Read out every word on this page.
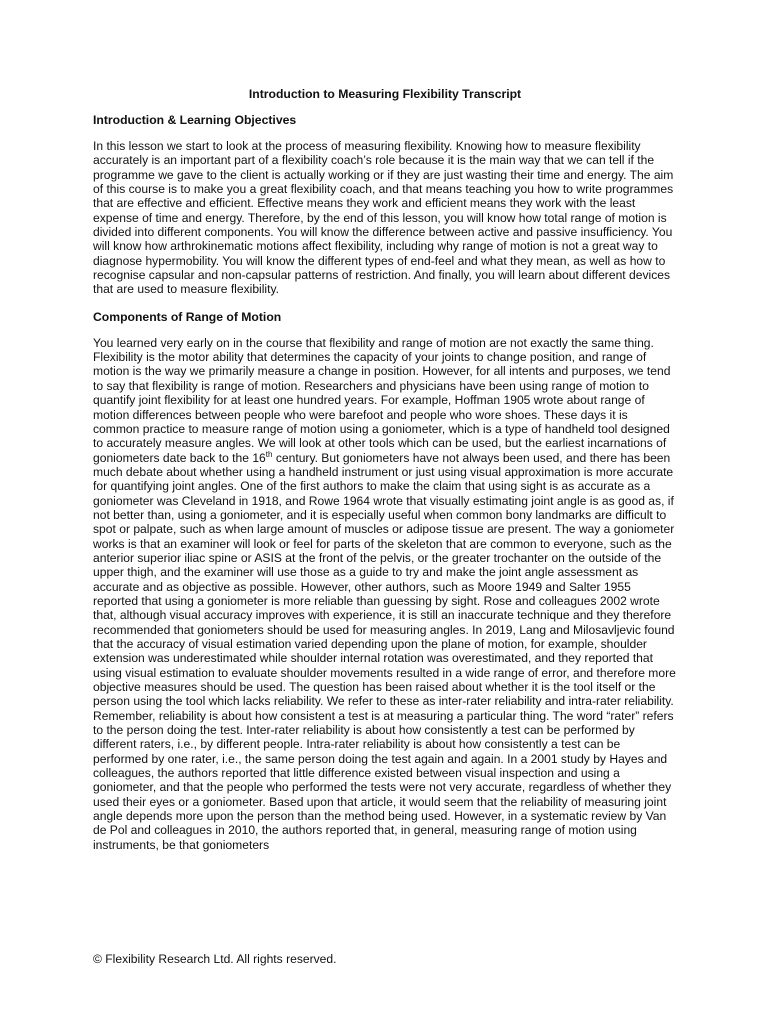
Introduction to Measuring Flexibility Transcript
Introduction & Learning Objectives

In this lesson we start to look at the process of measuring flexibility. Knowing how to measure flexibility accurately is an important part of a flexibility coach’s role because it is the main way that we can tell if the programme we gave to the client is actually working or if they are just wasting their time and energy. The aim of this course is to make you a great flexibility coach, and that means teaching you how to write programmes that are effective and efficient. Effective means they work and efficient means they work with the least expense of time and energy. Therefore, by the end of this lesson, you will know how total range of motion is divided into different components. You will know the difference between active and passive insufficiency. You will know how arthrokinematic motions affect flexibility, including why range of motion is not a great way to diagnose hypermobility. You will know the different types of end-feel and what they mean, as well as how to recognise capsular and non-capsular patterns of restriction. And finally, you will learn about different devices that are used to measure flexibility.

Components of Range of Motion

You learned very early on in the course that flexibility and range of motion are not exactly the same thing. Flexibility is the motor ability that determines the capacity of your joints to change position, and range of motion is the way we primarily measure a change in position. However, for all intents and purposes, we tend to say that flexibility is range of motion. Researchers and physicians have been using range of motion to quantify joint flexibility for at least one hundred years. For example, Hoffman 1905 wrote about range of motion differences between people who were barefoot and people who wore shoes. These days it is common practice to measure range of motion using a goniometer, which is a type of handheld tool designed to accurately measure angles. We will look at other tools which can be used, but the earliest incarnations of goniometers date back to the 16th century. But goniometers have not always been used, and there has been much debate about whether using a handheld instrument or just using visual approximation is more accurate for quantifying joint angles. One of the first authors to make the claim that using sight is as accurate as a goniometer was Cleveland in 1918, and Rowe 1964 wrote that visually estimating joint angle is as good as, if not better than, using a goniometer, and it is especially useful when common bony landmarks are difficult to spot or palpate, such as when large amount of muscles or adipose tissue are present. The way a goniometer works is that an examiner will look or feel for parts of the skeleton that are common to everyone, such as the anterior superior iliac spine or ASIS at the front of the pelvis, or the greater trochanter on the outside of the upper thigh, and the examiner will use those as a guide to try and make the joint angle assessment as accurate and as objective as possible. However, other authors, such as Moore 1949 and Salter 1955 reported that using a goniometer is more reliable than guessing by sight. Rose and colleagues 2002 wrote that, although visual accuracy improves with experience, it is still an inaccurate technique and they therefore recommended that goniometers should be used for measuring angles. In 2019, Lang and Milosavljevic found that the accuracy of visual estimation varied depending upon the plane of motion, for example, shoulder extension was underestimated while shoulder internal rotation was overestimated, and they reported that using visual estimation to evaluate shoulder movements resulted in a wide range of error, and therefore more objective measures should be used. The question has been raised about whether it is the tool itself or the person using the tool which lacks reliability. We refer to these as inter-rater reliability and intra-rater reliability. Remember, reliability is about how consistent a test is at measuring a particular thing. The word “rater” refers to the person doing the test. Inter-rater reliability is about how consistently a test can be performed by different raters, i.e., by different people. Intra-rater reliability is about how consistently a test can be performed by one rater, i.e., the same person doing the test again and again. In a 2001 study by Hayes and colleagues, the authors reported that little difference existed between visual inspection and using a goniometer, and that the people who performed the tests were not very accurate, regardless of whether they used their eyes or a goniometer. Based upon that article, it would seem that the reliability of measuring joint angle depends more upon the person than the method being used. However, in a systematic review by Van de Pol and colleagues in 2010, the authors reported that, in general, measuring range of motion using instruments, be that goniometers

© Flexibility Research Ltd. All rights reserved.
